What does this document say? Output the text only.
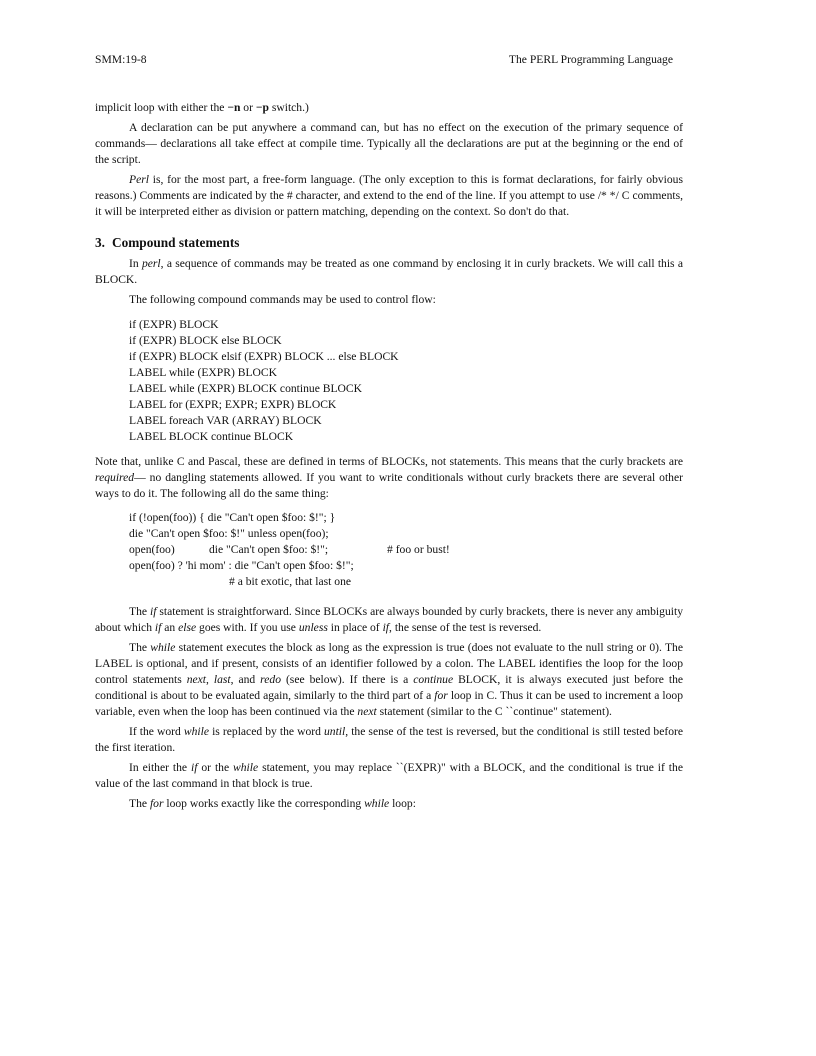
SMM:19-8	The PERL Programming Language

implicit loop with either the −n or −p switch.)

A declaration can be put anywhere a command can, but has no effect on the execution of the primary sequence of commands— declarations all take effect at compile time. Typically all the declarations are put at the beginning or the end of the script.

Perl is, for the most part, a free-form language. (The only exception to this is format declarations, for fairly obvious reasons.) Comments are indicated by the # character, and extend to the end of the line. If you attempt to use /* */ C comments, it will be interpreted either as division or pattern matching, depending on the context. So don't do that.

3. Compound statements

In perl, a sequence of commands may be treated as one command by enclosing it in curly brackets. We will call this a BLOCK.

The following compound commands may be used to control flow:

if (EXPR) BLOCK
if (EXPR) BLOCK else BLOCK
if (EXPR) BLOCK elsif (EXPR) BLOCK ... else BLOCK
LABEL while (EXPR) BLOCK
LABEL while (EXPR) BLOCK continue BLOCK
LABEL for (EXPR; EXPR; EXPR) BLOCK
LABEL foreach VAR (ARRAY) BLOCK
LABEL BLOCK continue BLOCK

Note that, unlike C and Pascal, these are defined in terms of BLOCKs, not statements. This means that the curly brackets are required— no dangling statements allowed. If you want to write conditionals without curly brackets there are several other ways to do it. The following all do the same thing:

if (!open(foo)) { die "Can't open $foo: $!"; }
die "Can't open $foo: $!" unless open(foo);
open(foo)	die "Can't open $foo: $!";	# foo or bust!
open(foo) ? 'hi mom' : die "Can't open $foo: $!";
# a bit exotic, that last one

The if statement is straightforward. Since BLOCKs are always bounded by curly brackets, there is never any ambiguity about which if an else goes with. If you use unless in place of if, the sense of the test is reversed.

The while statement executes the block as long as the expression is true (does not evaluate to the null string or 0). The LABEL is optional, and if present, consists of an identifier followed by a colon. The LABEL identifies the loop for the loop control statements next, last, and redo (see below). If there is a continue BLOCK, it is always executed just before the conditional is about to be evaluated again, similarly to the third part of a for loop in C. Thus it can be used to increment a loop variable, even when the loop has been continued via the next statement (similar to the C ``continue" statement).

If the word while is replaced by the word until, the sense of the test is reversed, but the conditional is still tested before the first iteration.

In either the if or the while statement, you may replace ``(EXPR)" with a BLOCK, and the conditional is true if the value of the last command in that block is true.

The for loop works exactly like the corresponding while loop:
